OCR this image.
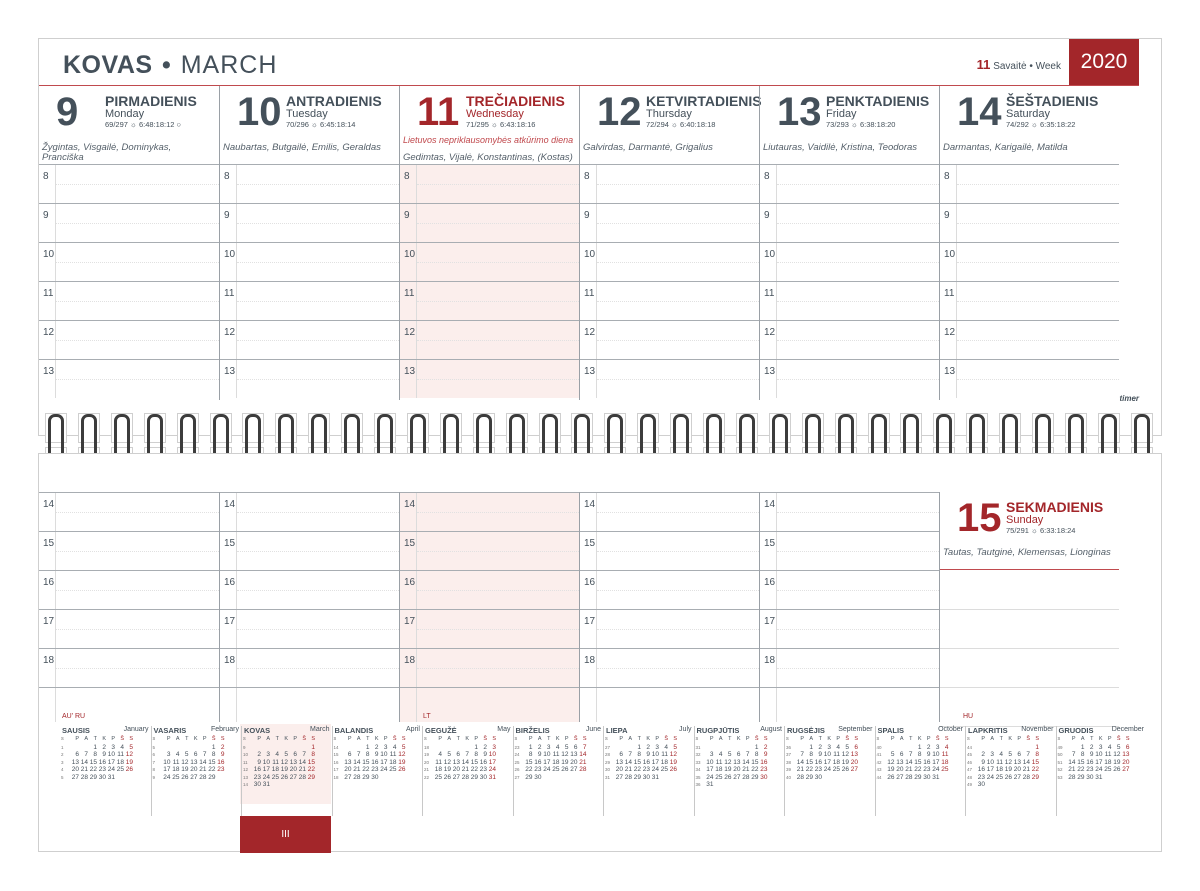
KOVAS • MARCH	11 Savaitė • Week 2020
9 PIRMADIENIS
Monday
69/297 ☼ 6:48:18:12 ○
Žygintas, Visgailė, Dominykas, Pranciška
8
9
10
11
12
13
10 ANTRADIENIS
Tuesday
70/296 ☼ 6:45:18:14
Naubartas, Butgailė, Emilis, Geraldas
8
9
10
11
12
13
11 TREČIADIENIS
Wednesday
71/295 ☼ 6:43:18:16
Lietuvos nepriklausomybės atkūrimo diena
Gedimtas, Vijalė, Konstantinas, (Kostas)
8
9
10
11
12
13
12 KETVIRTADIENIS
Thursday
72/294 ☼ 6:40:18:18
Galvirdas, Darmantė, Grigalius
8
9
10
11
12
13
13 PENKTADIENIS
Friday
73/293 ☼ 6:38:18:20
Liutauras, Vaidilė, Kristina, Teodoras
8
9
10
11
12
13
14 ŠEŠTADIENIS
Saturday
74/292 ☼ 6:35:18:22
Darmantas, Karigailė, Matilda
8
9
10
11
12
13
timer
14
15
16
17
18
14
15
16
17
18
14
15
16
17
18
14
15
16
17
18
14
15
16
17
18
15 SEKMADIENIS
Sunday
75/291 ☼ 6:33:18:24
Tautas, Tautginė, Klemensas, Lionginas
AU' RU	LT	HU
SAUSIS	January
s	P	A	T	K	P	Š	S
1			1	2	3	4	5
2	6	7	8	9	10	11	12
3	13	14	15	16	17	18	19
4	20	21	22	23	24	25	26
5	27	28	29	30	31		
VASARIS	February
s	P	A	T	K	P	Š	S
5						1	2
6	3	4	5	6	7	8	9
7	10	11	12	13	14	15	16
8	17	18	19	20	21	22	23
9	24	25	26	27	28	29	
KOVAS	March
s	P	A	T	K	P	Š	S
9							1
10	2	3	4	5	6	7	8
11	9	10	11	12	13	14	15
12	16	17	18	19	20	21	22
13	23	24	25	26	27	28	29
14	30	31					
BALANDIS	April
s	P	A	T	K	P	Š	S
14			1	2	3	4	5
15	6	7	8	9	10	11	12
16	13	14	15	16	17	18	19
17	20	21	22	23	24	25	26
18	27	28	29	30			
GEGUŽĖ	May
s	P	A	T	K	P	Š	S
18					1	2	3
19	4	5	6	7	8	9	10
20	11	12	13	14	15	16	17
21	18	19	20	21	22	23	24
22	25	26	27	28	29	30	31
BIRŽELIS	June
s	P	A	T	K	P	Š	S
23	1	2	3	4	5	6	7
24	8	9	10	11	12	13	14
25	15	16	17	18	19	20	21
26	22	23	24	25	26	27	28
27	29	30					
LIEPA	July
s	P	A	T	K	P	Š	S
27			1	2	3	4	5
28	6	7	8	9	10	11	12
29	13	14	15	16	17	18	19
30	20	21	22	23	24	25	26
31	27	28	29	30	31		
RUGPJŪTIS	August
s	P	A	T	K	P	Š	S
31						1	2
32	3	4	5	6	7	8	9
33	10	11	12	13	14	15	16
34	17	18	19	20	21	22	23
35	24	25	26	27	28	29	30
36	31						
RUGSĖJIS September
s	P	A	T	K	P	Š	S
36		1	2	3	4	5	6
37	7	8	9	10	11	12	13
38	14	15	16	17	18	19	20
39	21	22	23	24	25	26	27
40	28	29	30				
SPALIS	October
s	P	A	T	K	P	Š	S
40				1	2	3	4
41	5	6	7	8	9	10	11
42	12	13	14	15	16	17	18
43	19	20	21	22	23	24	25
44	26	27	28	29	30	31	
LAPKRITIS November
s	P	A	T	K	P	Š	S
44							1
45	2	3	4	5	6	7	8
46	9	10	11	12	13	14	15
47	16	17	18	19	20	21	22
48	23	24	25	26	27	28	29
49	30						
GRUODIS	December
s	P	A	T	K	P	Š	S
49		1	2	3	4	5	6
50	7	8	9	10	11	12	13
51	14	15	16	17	18	19	20
52	21	22	23	24	25	26	27
53	28	29	30	31			
III
